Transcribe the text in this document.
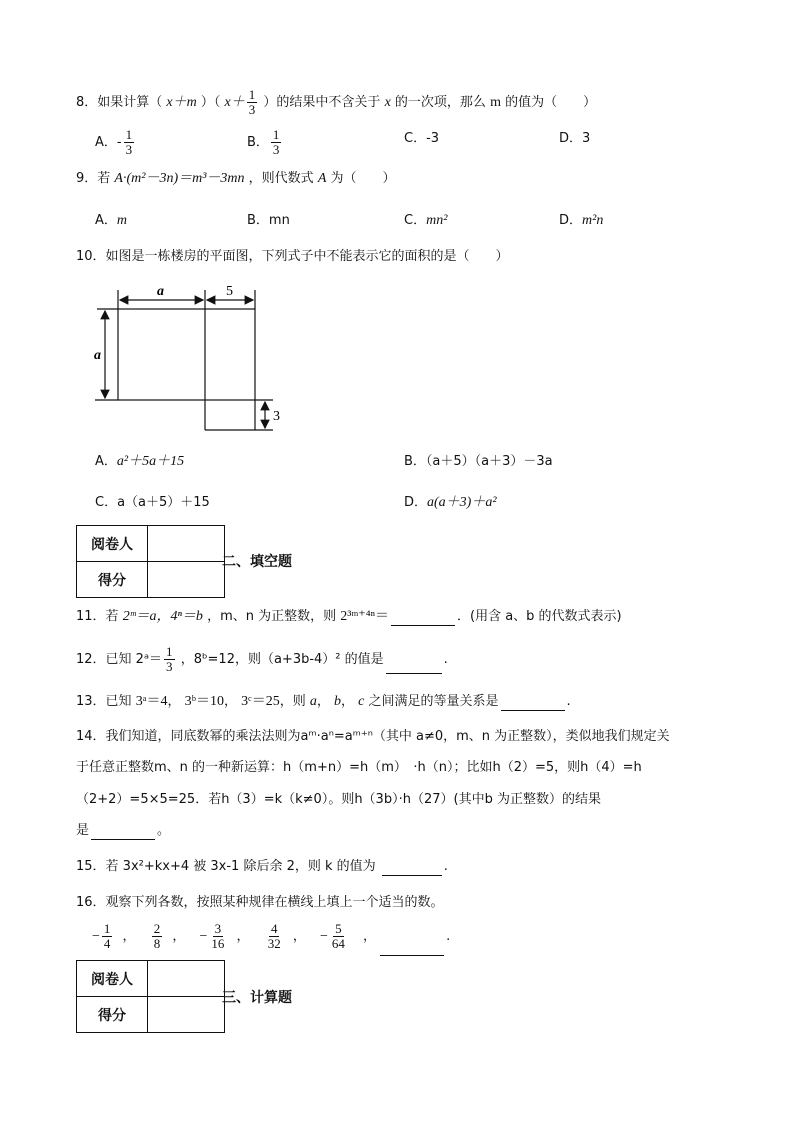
8．如果计算（ x＋m ）（ $x+ \frac{1}{3}$ ）的结果中不含关于 x 的一次项，那么 m 的值为（　　）
A．- $\frac{1}{3}$	B． $\frac{1}{3}$	C．-3	D．3
9．若 A·(m²－3n)＝m³－3mn ，则代数式 A 为（　　）
A．m	B．mn	C．mn²	D．m²n
10．如图是一栋楼房的平面图，下列式子中不能表示它的面积的是（　　）
a	5
a
3
A．a²＋5a＋15	B．（a＋5）（a＋3）－3a
C．a（a＋5）＋15	D．a(a＋3)＋a²
阅卷人	
得分	
二、填空题
11．若 2ᵐ＝a，4ⁿ＝b ，m、n 为正整数，则 2³ᵐ⁺⁴ⁿ＝	．(用含 a、b 的代数式表示)
12．已知 2ᵃ＝ $\frac{1}{3}$ ，8ᵇ=12，则（a+3b-4）² 的值是	.
13．已知 3ᵃ＝4， 3ᵇ＝10， 3ᶜ＝25，则 a， b， c 之间满足的等量关系是	.
14．我们知道，同底数幂的乘法法则为aᵐ·aⁿ=aᵐ⁺ⁿ（其中 a≠0，m、n 为正整数），类似地我们规定关
于任意正整数m、n 的一种新运算：h（m+n）=h（m）　·h（n）；比如h（2）=5，则h（4）=h
（2+2）=5×5=25．若h（3）=k（k≠0）。则h（3b）·h（27）(其中b 为正整数）的结果
是	。
15．若 3x²+kx+4 被 3x-1 除后余 2，则 k 的值为	.
16．观察下列各数，按照某种规律在横线上填上一个适当的数。
− $\frac{1}{4}$ ， $\frac{2}{8}$ ， − $\frac{3}{16}$ ， $\frac{4}{32}$ ， − $\frac{5}{64}$ ，	.
阅卷人	
得分	
三、计算题
